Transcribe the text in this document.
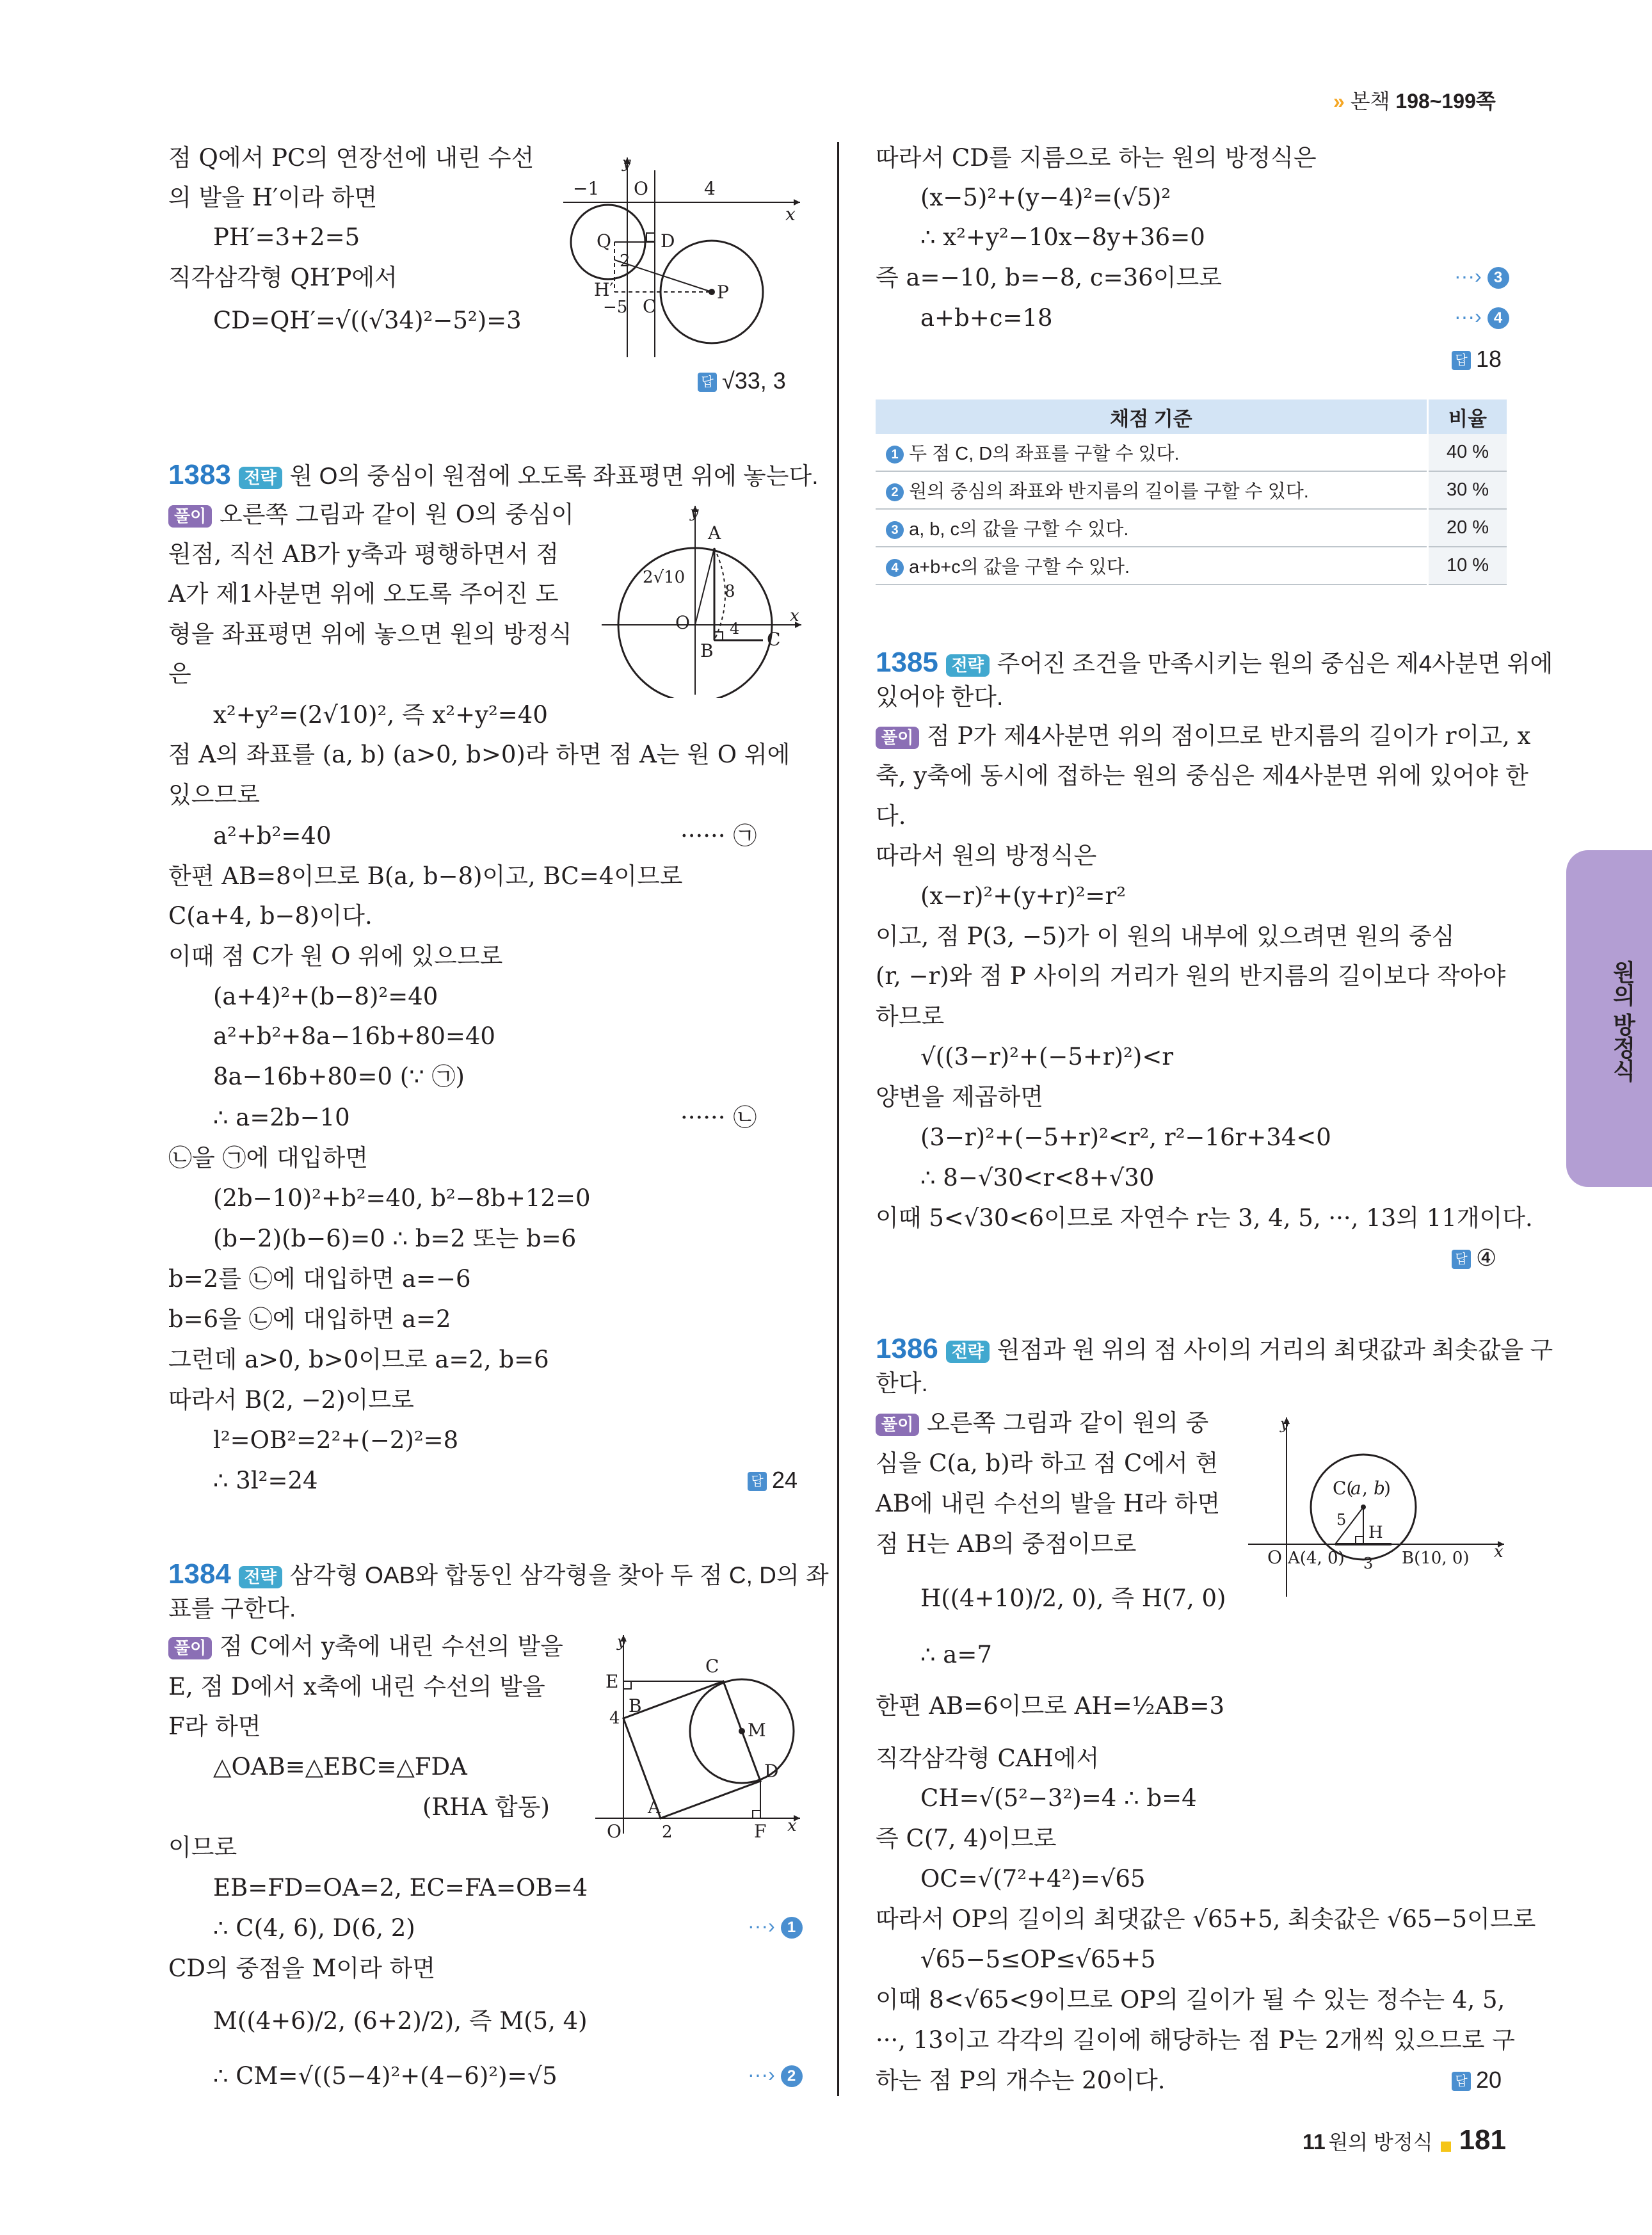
» 본책 198~199쪽
점 Q에서 PC의 연장선에 내린 수선
의 발을 H′이라 하면
PH′=3+2=5
직각삼각형 QH′P에서
CD=QH′=√((√34)²−5²)=3
−1
y
O	4
x
Q	D
2
H′
−5 C
P
답 √33, 3
1383 전략 원 O의 중심이 원점에 오도록 좌표평면 위에 놓는다.
풀이 오른쪽 그림과 같이 원 O의 중심이
원점, 직선 AB가 y축과 평행하면서 점
A가 제1사분면 위에 오도록 주어진 도
형을 좌표평면 위에 놓으면 원의 방정식
은
x²+y²=(2√10)², 즉 x²+y²=40
점 A의 좌표를 (a, b) (a>0, b>0)라 하면 점 A는 원 O 위에
있으므로
a²+b²=40	······ ㉠
한편 AB=8이므로 B(a, b−8)이고, BC=4이므로
C(a+4, b−8)이다.
이때 점 C가 원 O 위에 있으므로
(a+4)²+(b−8)²=40
a²+b²+8a−16b+80=40
8a−16b+80=0 (∵ ㉠)
∴ a=2b−10	······ ㉡
㉡을 ㉠에 대입하면
(2b−10)²+b²=40, b²−8b+12=0
(b−2)(b−6)=0 ∴ b=2 또는 b=6
b=2를 ㉡에 대입하면 a=−6
b=6을 ㉡에 대입하면 a=2
그런데 a>0, b>0이므로 a=2, b=6
따라서 B(2, −2)이므로
l²=OB²=2²+(−2)²=8
∴ 3l²=24	답 24
y
A
2√10
8
O
B
4 C
x
1384 전략 삼각형 OAB와 합동인 삼각형을 찾아 두 점 C, D의 좌
표를 구한다.
풀이 점 C에서 y축에 내린 수선의 발을
E, 점 D에서 x축에 내린 수선의 발을
F라 하면
△OAB≡△EBC≡△FDA
(RHA 합동)
이므로
EB=FD=OA=2, EC=FA=OB=4
∴ C(4, 6), D(6, 2)	···› 1
CD의 중점을 M이라 하면
M((4+6)/2, (6+2)/2), 즉 M(5, 4)
∴ CM=√((5−4)²+(4−6)²)=√5	···› 2
y
E
B
4
C
M
D
A
O 2	F x
따라서 CD를 지름으로 하는 원의 방정식은
(x−5)²+(y−4)²=(√5)²
∴ x²+y²−10x−8y+36=0
즉 a=−10, b=−8, c=36이므로	···› 3
a+b+c=18	···› 4
답 18
채점 기준	비율
1 두 점 C, D의 좌표를 구할 수 있다.	40 %
2 원의 중심의 좌표와 반지름의 길이를 구할 수 있다.	30 %
3 a, b, c의 값을 구할 수 있다.	20 %
4 a+b+c의 값을 구할 수 있다.	10 %
1385 전략 주어진 조건을 만족시키는 원의 중심은 제4사분면 위에
있어야 한다.
풀이 점 P가 제4사분면 위의 점이므로 반지름의 길이가 r이고, x
축, y축에 동시에 접하는 원의 중심은 제4사분면 위에 있어야 한
다.
따라서 원의 방정식은
(x−r)²+(y+r)²=r²
이고, 점 P(3, −5)가 이 원의 내부에 있으려면 원의 중심
(r, −r)와 점 P 사이의 거리가 원의 반지름의 길이보다 작아야
하므로
√((3−r)²+(−5+r)²)<r
양변을 제곱하면
(3−r)²+(−5+r)²<r², r²−16r+34<0
∴ 8−√30<r<8+√30
이때 5<√30<6이므로 자연수 r는 3, 4, 5, ···, 13의 11개이다.
답 ④
1386 전략 원점과 원 위의 점 사이의 거리의 최댓값과 최솟값을 구
한다.
풀이 오른쪽 그림과 같이 원의 중
심을 C(a, b)라 하고 점 C에서 현
AB에 내린 수선의 발을 H라 하면
점 H는 AB의 중점이므로
H((4+10)/2, 0), 즉 H(7, 0)
∴ a=7
한편 AB=6이므로 AH=½AB=3
직각삼각형 CAH에서
CH=√(5²−3²)=4 ∴ b=4
즉 C(7, 4)이므로
OC=√(7²+4²)=√65
따라서 OP의 길이의 최댓값은 √65+5, 최솟값은 √65−5이므로
√65−5≤OP≤√65+5
이때 8<√65<9이므로 OP의 길이가 될 수 있는 정수는 4, 5,
···, 13이고 각각의 길이에 해당하는 점 P는 2개씩 있으므로 구
하는 점 P의 개수는 20이다.	답 20
y
C(
a , b
)
5
H
O A(4, 0) 3 B(10, 0) x
11
원의 방정식
11 원의 방정식 181
